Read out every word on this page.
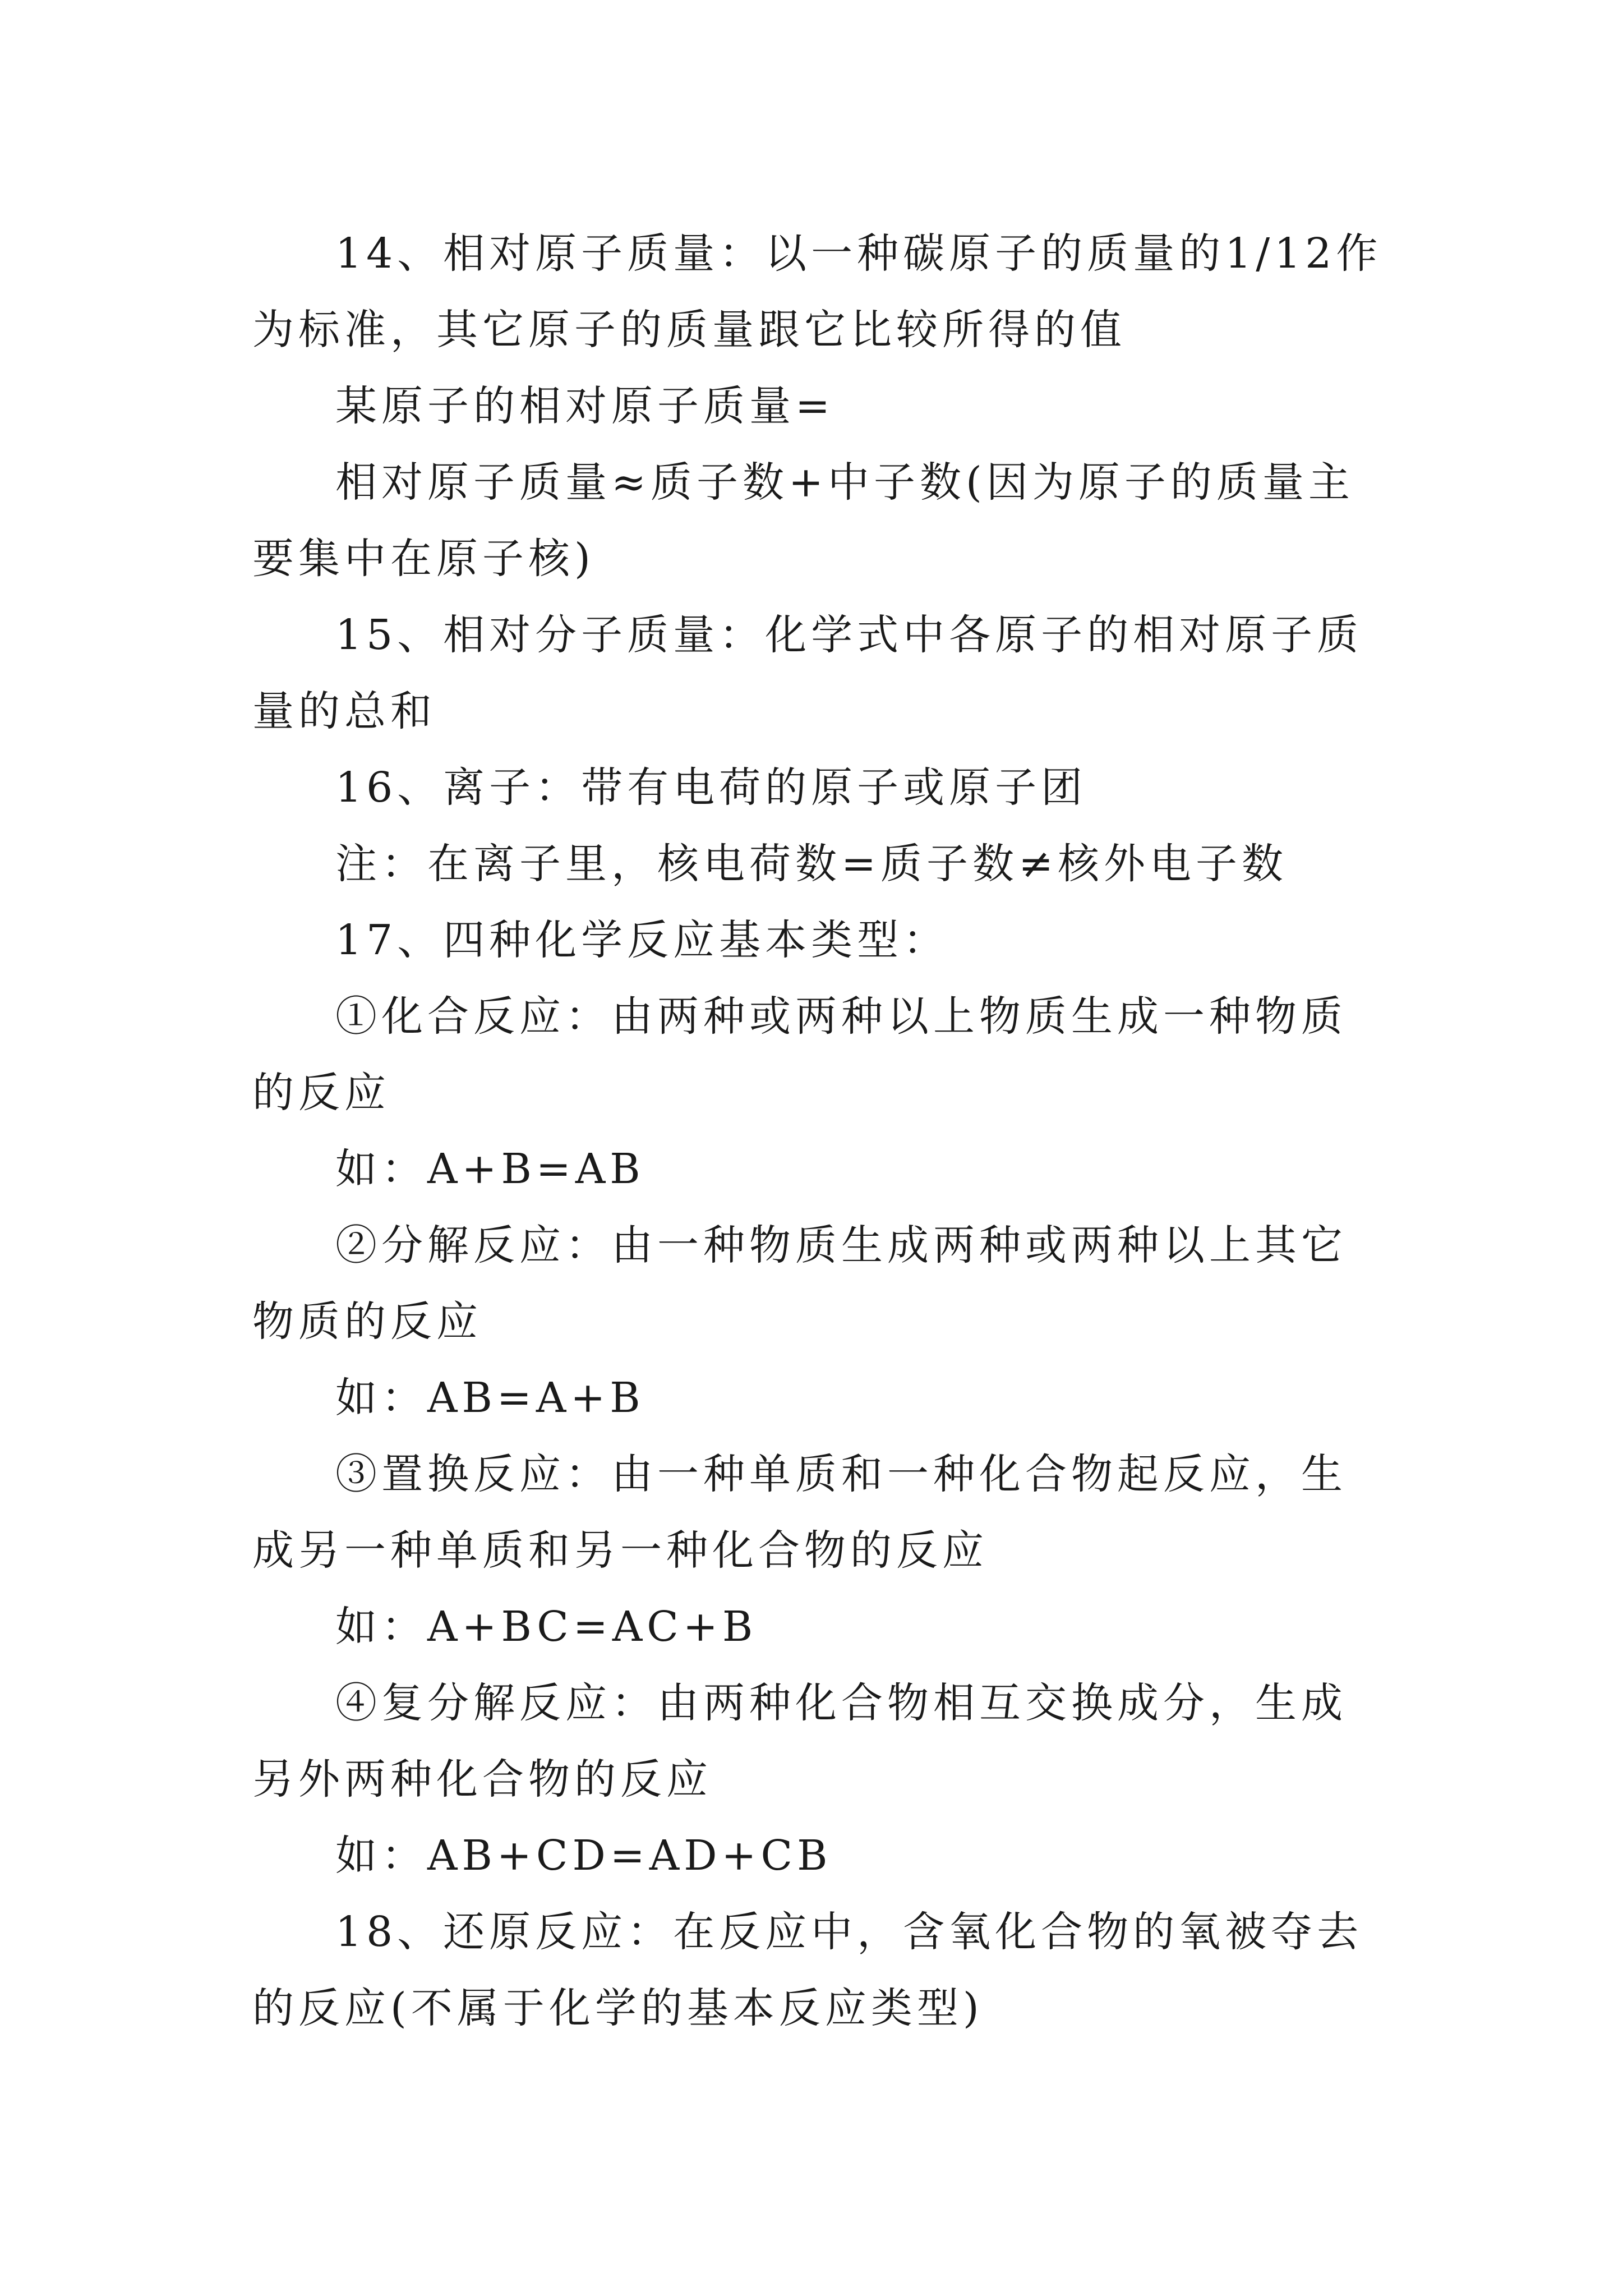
14、相对原子质量：以一种碳原子的质量的1/12作为标准，其它原子的质量跟它比较所得的值

某原子的相对原子质量=

相对原子质量≈质子数+中子数(因为原子的质量主要集中在原子核)

15、相对分子质量：化学式中各原子的相对原子质量的总和

16、离子：带有电荷的原子或原子团

注：在离子里，核电荷数=质子数≠核外电子数

17、四种化学反应基本类型：

①化合反应：由两种或两种以上物质生成一种物质的反应

如：A+B=AB

②分解反应：由一种物质生成两种或两种以上其它物质的反应

如：AB=A+B

③置换反应：由一种单质和一种化合物起反应，生成另一种单质和另一种化合物的反应

如：A+BC=AC+B

④复分解反应：由两种化合物相互交换成分，生成另外两种化合物的反应

如：AB+CD=AD+CB

18、还原反应：在反应中，含氧化合物的氧被夺去的反应(不属于化学的基本反应类型)
